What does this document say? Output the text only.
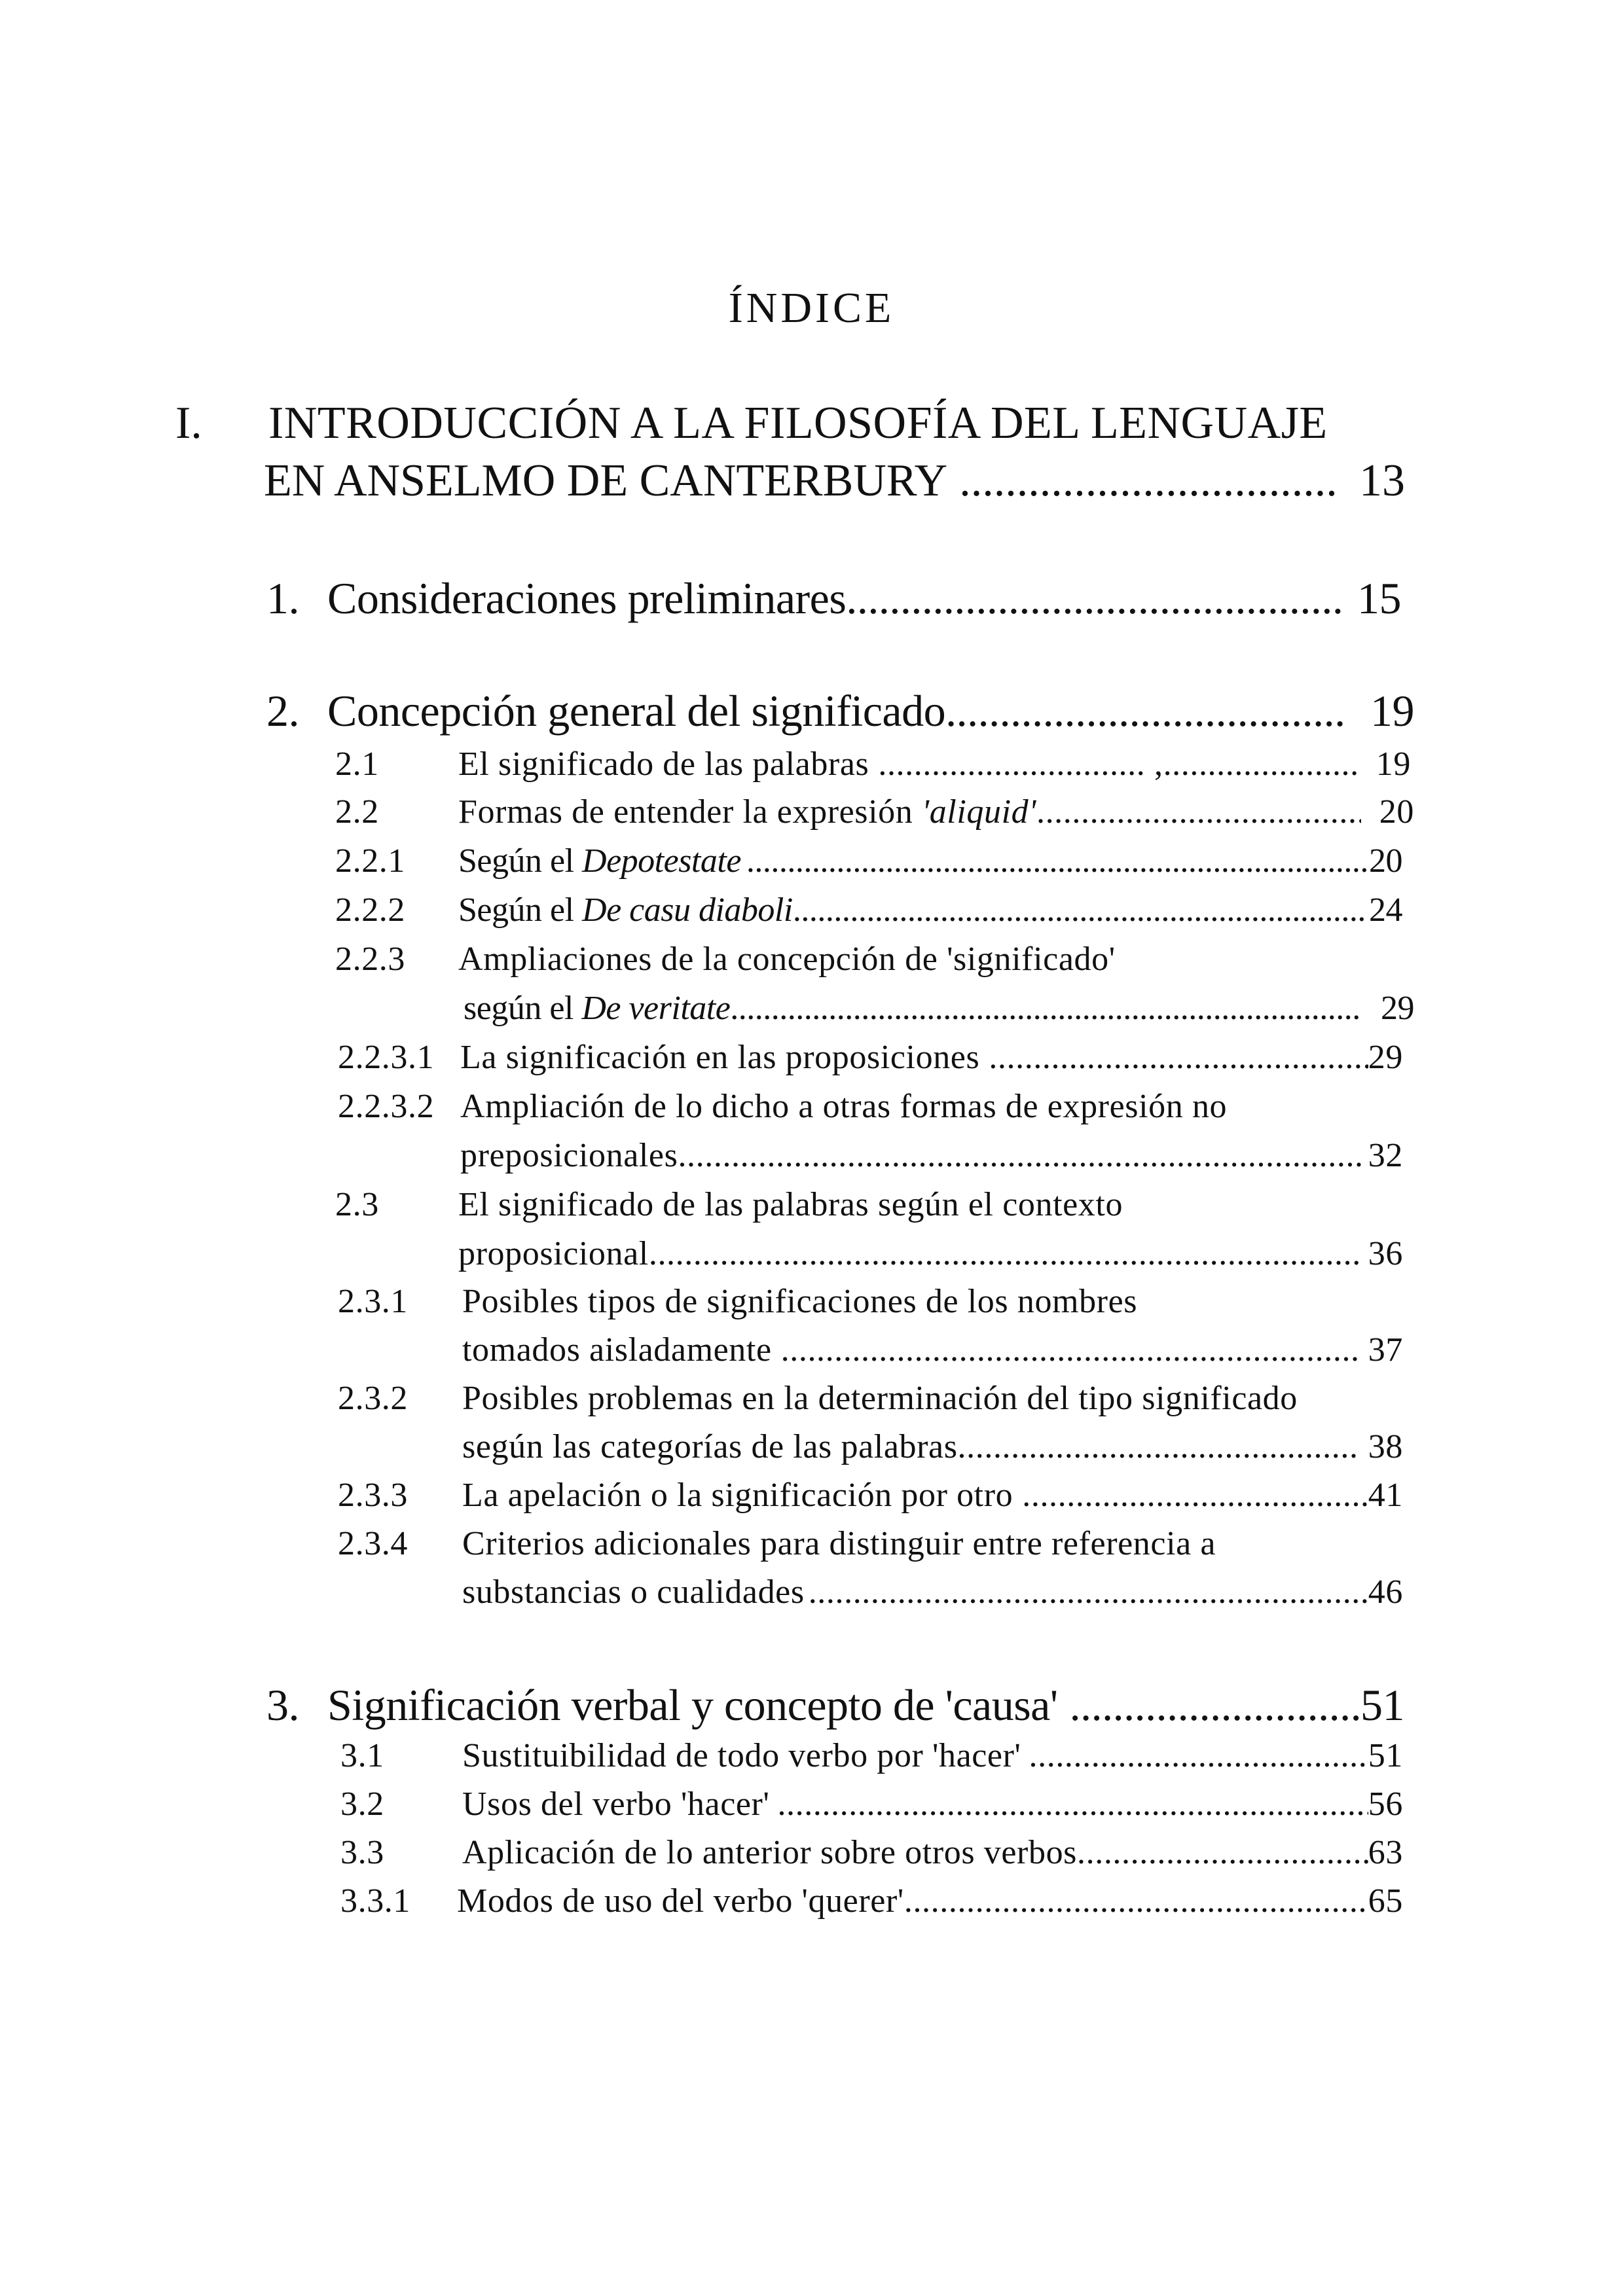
ÍNDICE
I. INTRODUCCIÓN A LA FILOSOFÍA DEL LENGUAJE
EN ANSELMO DE CANTERBURY .....	13
1. Consideraciones preliminares .....	15
2. Concepción general del significado .....	19
2.1 El significado de las palabras .............................. , .....	19
2.2 Formas de entender la expresión 'aliquid' .....	20
2.2.1 Según el Depotestate .....	20
2.2.2 Según el De casu diaboli .....	24
2.2.3 Ampliaciones de la concepción de 'significado'
según el De veritate .....	29
2.2.3.1 La significación en las proposiciones .....	29
2.2.3.2 Ampliación de lo dicho a otras formas de expresión no
preposicionales .....	32
2.3 El significado de las palabras según el contexto
proposicional .....	36
2.3.1 Posibles tipos de significaciones de los nombres
tomados aisladamente .....	37
2.3.2 Posibles problemas en la determinación del tipo significado
según las categorías de las palabras .....	38
2.3.3 La apelación o la significación por otro .....	41
2.3.4 Criterios adicionales para distinguir entre referencia a
substancias o cualidades .....	46
3. Significación verbal y concepto de 'causa' .....	51
3.1 Sustituibilidad de todo verbo por 'hacer' .....	51
3.2 Usos del verbo 'hacer' .....	56
3.3 Aplicación de lo anterior sobre otros verbos .....	63
3.3.1 Modos de uso del verbo 'querer' .....	65
